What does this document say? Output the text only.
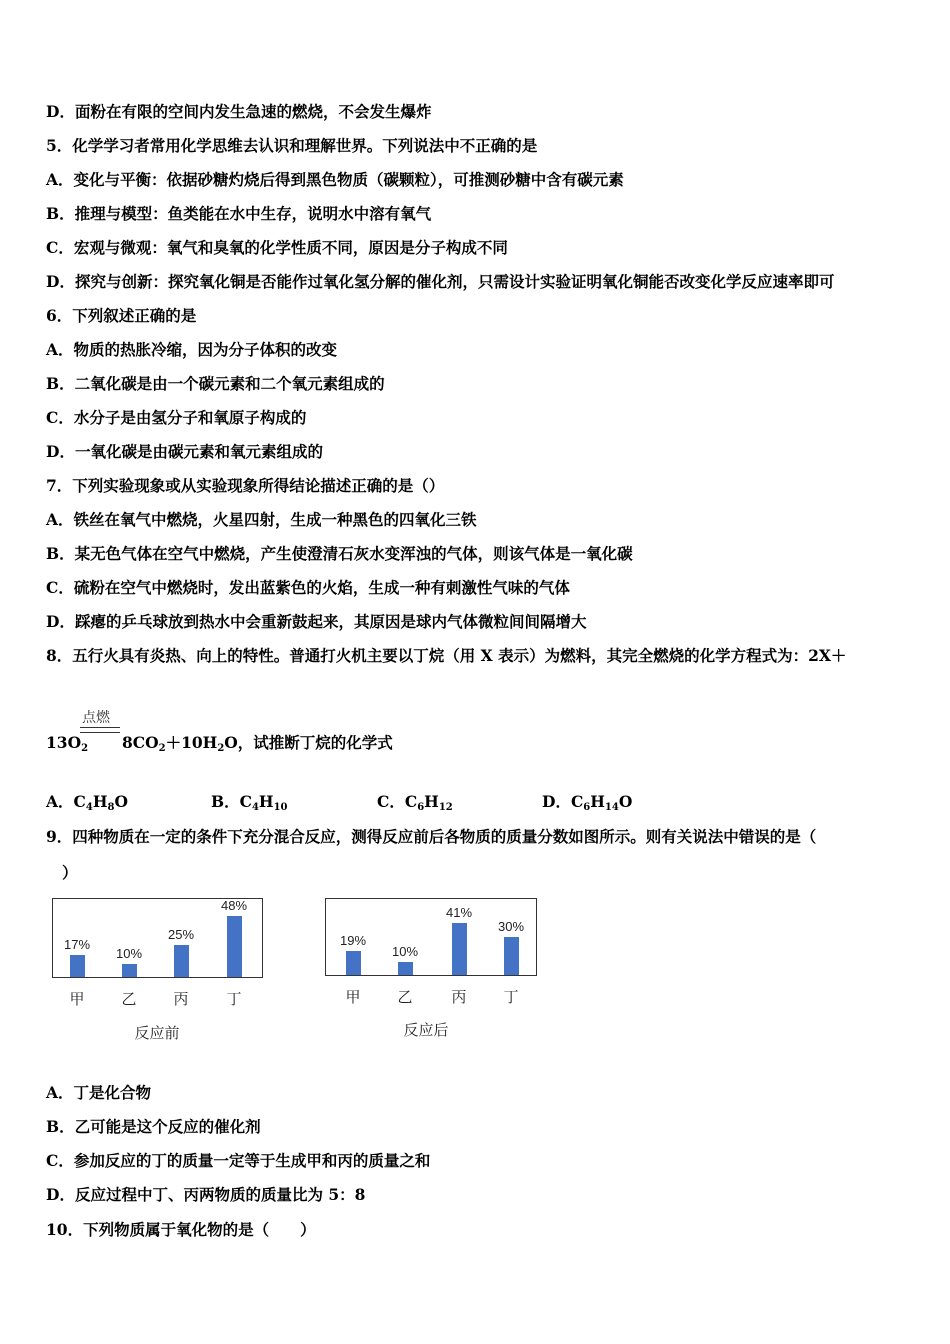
D．面粉在有限的空间内发生急速的燃烧，不会发生爆炸
5．化学学习者常用化学思维去认识和理解世界。下列说法中不正确的是
A．变化与平衡：依据砂糖灼烧后得到黑色物质（碳颗粒），可推测砂糖中含有碳元素
B．推理与模型：鱼类能在水中生存，说明水中溶有氧气
C．宏观与微观：氧气和臭氧的化学性质不同，原因是分子构成不同
D．探究与创新：探究氧化铜是否能作过氧化氢分解的催化剂，只需设计实验证明氧化铜能否改变化学反应速率即可
6．下列叙述正确的是
A．物质的热胀冷缩，因为分子体积的改变
B．二氧化碳是由一个碳元素和二个氧元素组成的
C．水分子是由氢分子和氧原子构成的
D．一氧化碳是由碳元素和氧元素组成的
7．下列实验现象或从实验现象所得结论描述正确的是（）
A．铁丝在氧气中燃烧，火星四射，生成一种黑色的四氧化三铁
B．某无色气体在空气中燃烧，产生使澄清石灰水变浑浊的气体，则该气体是一氧化碳
C．硫粉在空气中燃烧时，发出蓝紫色的火焰，生成一种有刺激性气味的气体
D．踩瘪的乒乓球放到热水中会重新鼓起来，其原因是球内气体微粒间间隔增大
8．五行火具有炎热、向上的特性。普通打火机主要以丁烷（用 X 表示）为燃料，其完全燃烧的化学方程式为：2X＋
点燃
$13O_2$ $8CO_2+10H_2O$，试推断丁烷的化学式
A．$C_4H_8O$	B．$C_4H_{10}$	C．$C_6H_{12}$	D．$C_6H_{14}O$
9．四种物质在一定的条件下充分混合反应，测得反应前后各物质的质量分数如图所示。则有关说法中错误的是（
）
17%
甲
10%
乙
25%
丙
48%
丁
反应前
19%
甲
10%
乙
41%
丙
30%
丁
反应后
A．丁是化合物
B．乙可能是这个反应的催化剂
C．参加反应的丁的质量一定等于生成甲和丙的质量之和
D．反应过程中丁、丙两物质的质量比为 5：8
10．下列物质属于氧化物的是（　　）
